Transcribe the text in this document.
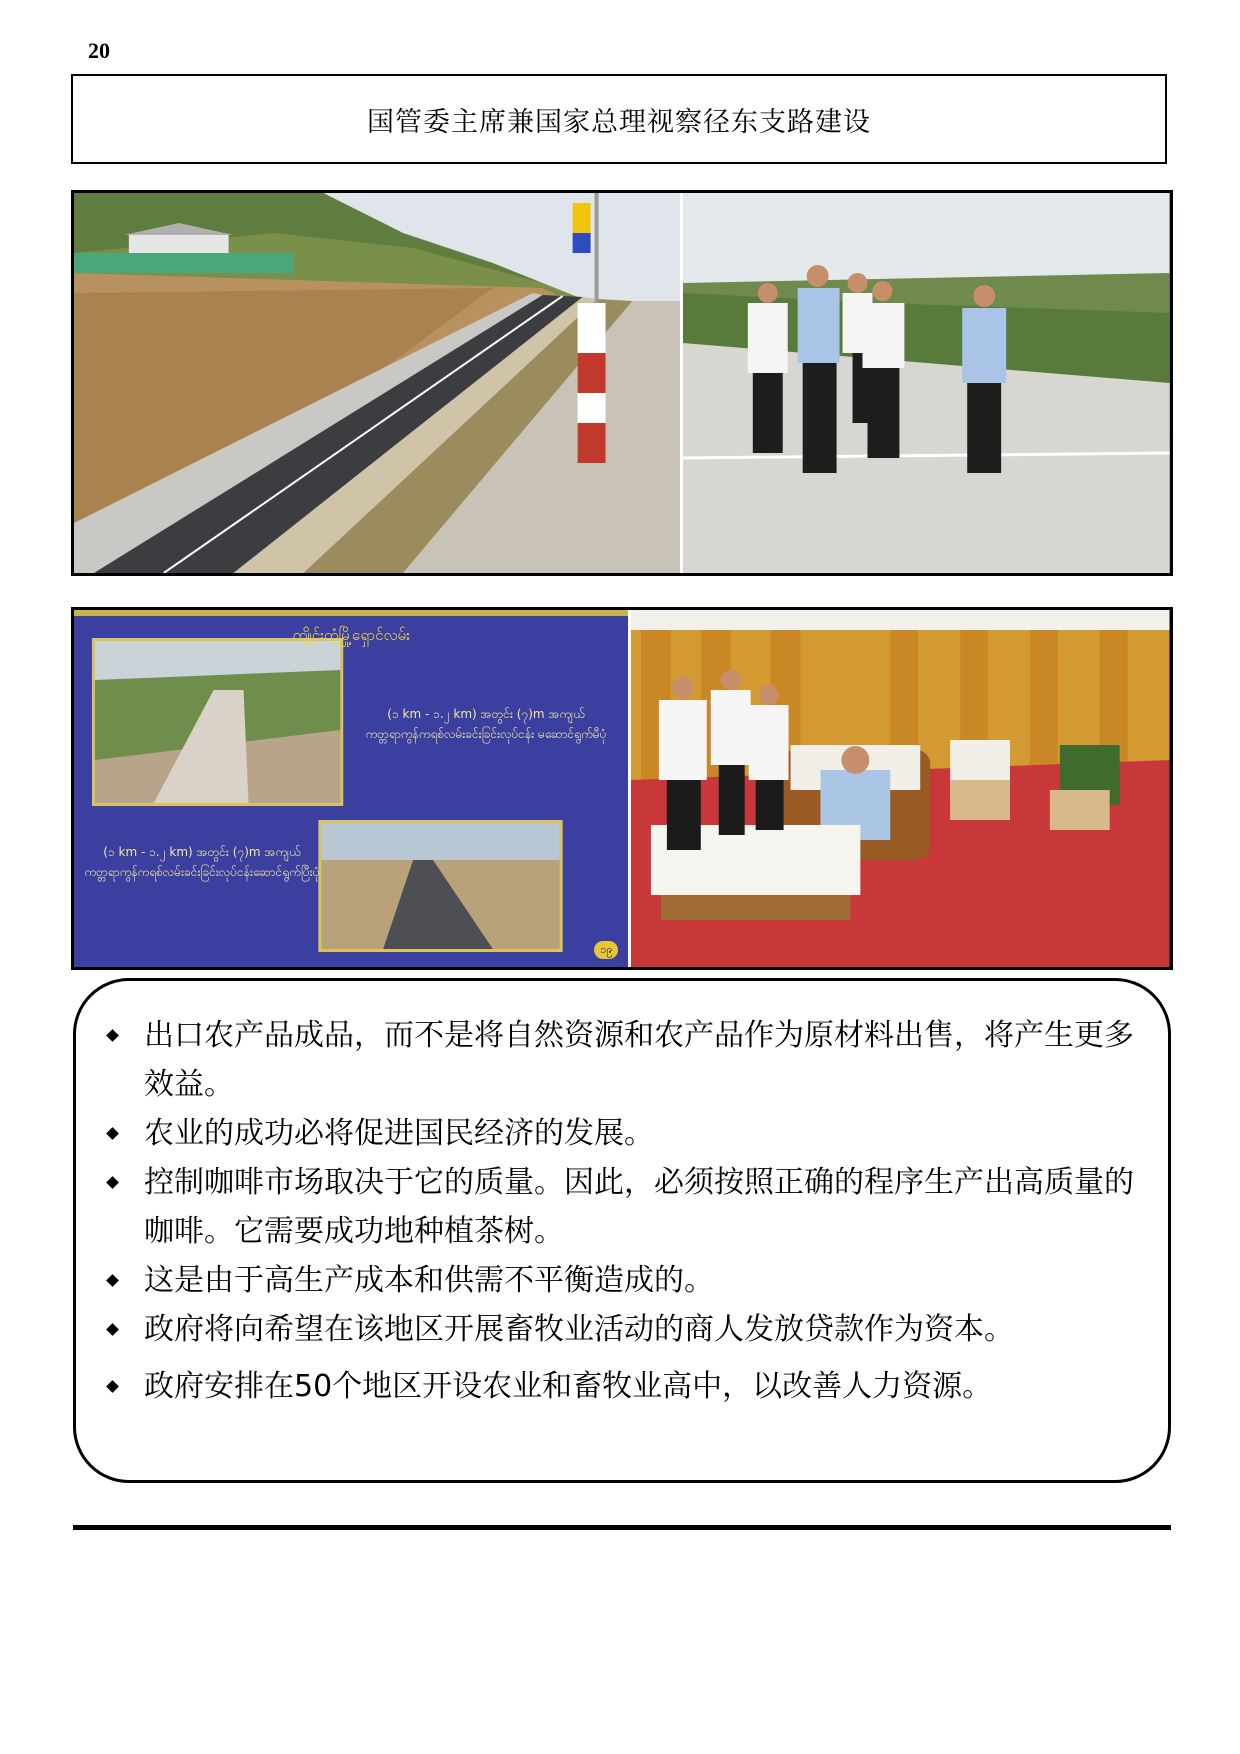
20
国管委主席兼国家总理视察径东支路建设
ကျိုင်းတုံမြို့ရှောင်လမ်း
(၁ km - ၁.၂ km) အတွင်း (၇)m အကျယ်
ကတ္တရာကွန်ကရစ်လမ်းခင်းခြင်းလုပ်ငန်း မဆောင်ရွက်မီပုံ
(၁ km - ၁.၂ km) အတွင်း (၇)m အကျယ်
ကတ္တရာကွန်ကရစ်လမ်းခင်းခြင်းလုပ်ငန်းဆောင်ရွက်ပြီးပုံ
၁၉
出口农产品成品，而不是将自然资源和农产品作为原材料出售，将产生更多效益。
农业的成功必将促进国民经济的发展。
控制咖啡市场取决于它的质量。因此，必须按照正确的程序生产出高质量的咖啡。它需要成功地种植茶树。
这是由于高生产成本和供需不平衡造成的。
政府将向希望在该地区开展畜牧业活动的商人发放贷款作为资本。
政府安排在50个地区开设农业和畜牧业高中，以改善人力资源。
